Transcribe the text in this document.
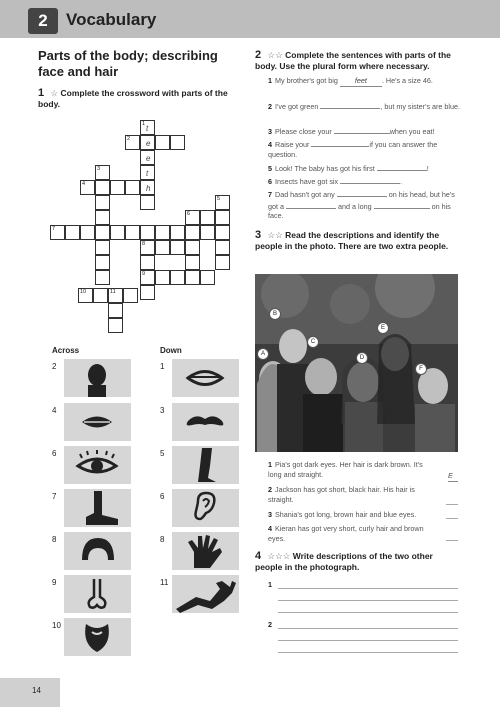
2	Vocabulary
Parts of the body; describing face and hair
1 ☆ Complete the crossword with parts of the body.
1 t
e
e
t
h
2
3
4
5
6
7
8
9
10	11
Across	Down
2
4
6
7
8
9
10
1
3
5
6
8
11
2 ☆☆ Complete the sentences with parts of the body. Use the plural form where necessary.
1 My brother's got big feet . He's a size 46.
2 I've got green	, but my sister's are blue.
3 Please close your	when you eat!
4 Raise your	if you can answer the question.
5 Look! The baby has got his first	!
6 Insects have got six	.
7 Dad hasn't got any	on his head, but he's got a	and a long	on his face.
3 ☆☆ Read the descriptions and identify the people in the photo. There are two extra people.
A
B
C
D
E
F
1 Pia's got dark eyes. Her hair is dark brown. It's long and straight.	E
2 Jackson has got short, black hair. His hair is straight.
3 Shania's got long, brown hair and blue eyes.
4 Kieran has got very short, curly hair and brown eyes.
4 ☆☆☆ Write descriptions of the two other people in the photograph.
1
2
14
